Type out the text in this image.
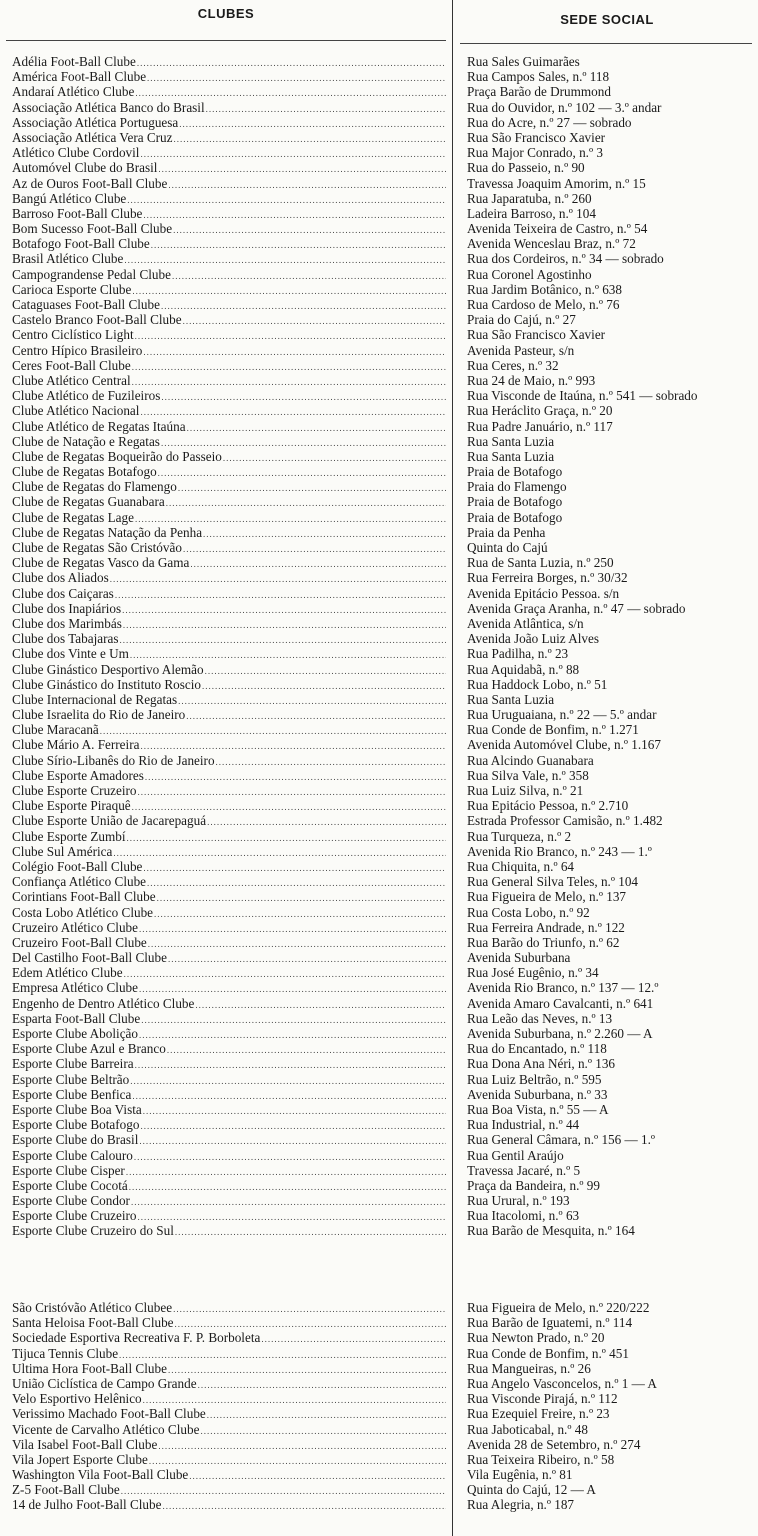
CLUBES	SEDE SOCIAL
Adélia Foot-Ball Clube
.....
América Foot-Ball Clube
.....
Andaraí Atlético Clube
.....
Associação Atlética Banco do Brasil
.....
Associação Atlética Portuguesa
.....
Associação Atlética Vera Cruz
.....
Atlético Clube Cordovil
.....
Automóvel Clube do Brasil
.....
Az de Ouros Foot-Ball Clube
.....
Bangú Atlético Clube
.....
Barroso Foot-Ball Clube
.....
Bom Sucesso Foot-Ball Clube
.....
Botafogo Foot-Ball Clube
.....
Brasil Atlético Clube
.....
Campograndense Pedal Clube
.....
Carioca Esporte Clube
.....
Cataguases Foot-Ball Clube
.....
Castelo Branco Foot-Ball Clube
.....
Centro Ciclístico Light
.....
Centro Hípico Brasileiro
.....
Ceres Foot-Ball Clube
.....
Clube Atlético Central
.....
Clube Atlético de Fuzileiros
.....
Clube Atlético Nacional
.....
Clube Atlético de Regatas Itaúna
.....
Clube de Natação e Regatas
.....
Clube de Regatas Boqueirão do Passeio
.....
Clube de Regatas Botafogo
.....
Clube de Regatas do Flamengo
.....
Clube de Regatas Guanabara
.....
Clube de Regatas Lage
.....
Clube de Regatas Natação da Penha
.....
Clube de Regatas São Cristóvão
.....
Clube de Regatas Vasco da Gama
.....
Clube dos Aliados
.....
Clube dos Caiçaras
.....
Clube dos Inapiários
.....
Clube dos Marimbás
.....
Clube dos Tabajaras
.....
Clube dos Vinte e Um
.....
Clube Ginástico Desportivo Alemão
.....
Clube Ginástico do Instituto Roscio
.....
Clube Internacional de Regatas
.....
Clube Israelita do Rio de Janeiro
.....
Clube Maracanã
.....
Clube Mário A. Ferreira
.....
Clube Sírio-Libanês do Rio de Janeiro
.....
Clube Esporte Amadores
.....
Clube Esporte Cruzeiro
.....
Clube Esporte Piraquê
.....
Clube Esporte União de Jacarepaguá
.....
Clube Esporte Zumbí
.....
Clube Sul América
.....
Colégio Foot-Ball Clube
.....
Confiança Atlético Clube
.....
Corintians Foot-Ball Clube
.....
Costa Lobo Atlético Clube
.....
Cruzeiro Atlético Clube
.....
Cruzeiro Foot-Ball Clube
.....
Del Castilho Foot-Ball Clube
.....
Edem Atlético Clube
.....
Empresa Atlético Clube
.....
Engenho de Dentro Atlético Clube
.....
Esparta Foot-Ball Clube
.....
Esporte Clube Abolição
.....
Esporte Clube Azul e Branco
.....
Esporte Clube Barreira
.....
Esporte Clube Beltrão
.....
Esporte Clube Benfica
.....
Esporte Clube Boa Vista
.....
Esporte Clube Botafogo
.....
Esporte Clube do Brasil
.....
Esporte Clube Calouro
.....
Esporte Clube Cisper
.....
Esporte Clube Cocotá
.....
Esporte Clube Condor
.....
Esporte Clube Cruzeiro
.....
Esporte Clube Cruzeiro do Sul
.....
Rua Sales Guimarães
Rua Campos Sales, n.º 118
Praça Barão de Drummond
Rua do Ouvidor, n.º 102 — 3.º andar
Rua do Acre, n.º 27 — sobrado
Rua São Francisco Xavier
Rua Major Conrado, n.º 3
Rua do Passeio, n.º 90
Travessa Joaquim Amorim, n.º 15
Rua Japaratuba, n.º 260
Ladeira Barroso, n.º 104
Avenida Teixeira de Castro, n.º 54
Avenida Wenceslau Braz, n.º 72
Rua dos Cordeiros, n.º 34 — sobrado
Rua Coronel Agostinho
Rua Jardim Botânico, n.º 638
Rua Cardoso de Melo, n.º 76
Praia do Cajú, n.º 27
Rua São Francisco Xavier
Avenida Pasteur, s/n
Rua Ceres, n.º 32
Rua 24 de Maio, n.º 993
Rua Visconde de Itaúna, n.º 541 — sobrado
Rua Heráclito Graça, n.º 20
Rua Padre Januário, n.º 117
Rua Santa Luzia
Rua Santa Luzia
Praia de Botafogo
Praia do Flamengo
Praia de Botafogo
Praia de Botafogo
Praia da Penha
Quinta do Cajú
Rua de Santa Luzia, n.º 250
Rua Ferreira Borges, n.º 30/32
Avenida Epitácio Pessoa. s/n
Avenida Graça Aranha, n.º 47 — sobrado
Avenida Atlântica, s/n
Avenida João Luiz Alves
Rua Padilha, n.º 23
Rua Aquidabã, n.º 88
Rua Haddock Lobo, n.º 51
Rua Santa Luzia
Rua Uruguaiana, n.º 22 — 5.º andar
Rua Conde de Bonfim, n.º 1.271
Avenida Automóvel Clube, n.º 1.167
Rua Alcindo Guanabara
Rua Silva Vale, n.º 358
Rua Luiz Silva, n.º 21
Rua Epitácio Pessoa, n.º 2.710
Estrada Professor Camisão, n.º 1.482
Rua Turqueza, n.º 2
Avenida Rio Branco, n.º 243 — 1.º
Rua Chiquita, n.º 64
Rua General Silva Teles, n.º 104
Rua Figueira de Melo, n.º 137
Rua Costa Lobo, n.º 92
Rua Ferreira Andrade, n.º 122
Rua Barão do Triunfo, n.º 62
Avenida Suburbana
Rua José Eugênio, n.º 34
Avenida Rio Branco, n.º 137 — 12.º
Avenida Amaro Cavalcanti, n.º 641
Rua Leão das Neves, n.º 13
Avenida Suburbana, n.º 2.260 — A
Rua do Encantado, n.º 118
Rua Dona Ana Néri, n.º 136
Rua Luiz Beltrão, n.º 595
Avenida Suburbana, n.º 33
Rua Boa Vista, n.º 55 — A
Rua Industrial, n.º 44
Rua General Câmara, n.º 156 — 1.º
Rua Gentil Araújo
Travessa Jacaré, n.º 5
Praça da Bandeira, n.º 99
Rua Urural, n.º 193
Rua Itacolomi, n.º 63
Rua Barão de Mesquita, n.º 164
São Cristóvão Atlético Clubee
.....
Santa Heloisa Foot-Ball Clube
.....
Sociedade Esportiva Recreativa F. P. Borboleta
.....
Tijuca Tennis Clube
.....
Ultima Hora Foot-Ball Clube
.....
União Ciclística de Campo Grande
.....
Velo Esportivo Helênico
.....
Verissimo Machado Foot-Ball Clube
.....
Vicente de Carvalho Atlético Clube
.....
Vila Isabel Foot-Ball Clube
.....
Vila Jopert Esporte Clube
.....
Washington Vila Foot-Ball Clube
.....
Z-5 Foot-Ball Clube
.....
14 de Julho Foot-Ball Clube
.....
Rua Figueira de Melo, n.º 220/222
Rua Barão de Iguatemi, n.º 114
Rua Newton Prado, n.º 20
Rua Conde de Bonfim, n.º 451
Rua Mangueiras, n.º 26
Rua Angelo Vasconcelos, n.º 1 — A
Rua Visconde Pirajá, n.º 112
Rua Ezequiel Freire, n.º 23
Rua Jaboticabal, n.º 48
Avenida 28 de Setembro, n.º 274
Rua Teixeira Ribeiro, n.º 58
Vila Eugênia, n.º 81
Quinta do Cajú, 12 — A
Rua Alegria, n.º 187
